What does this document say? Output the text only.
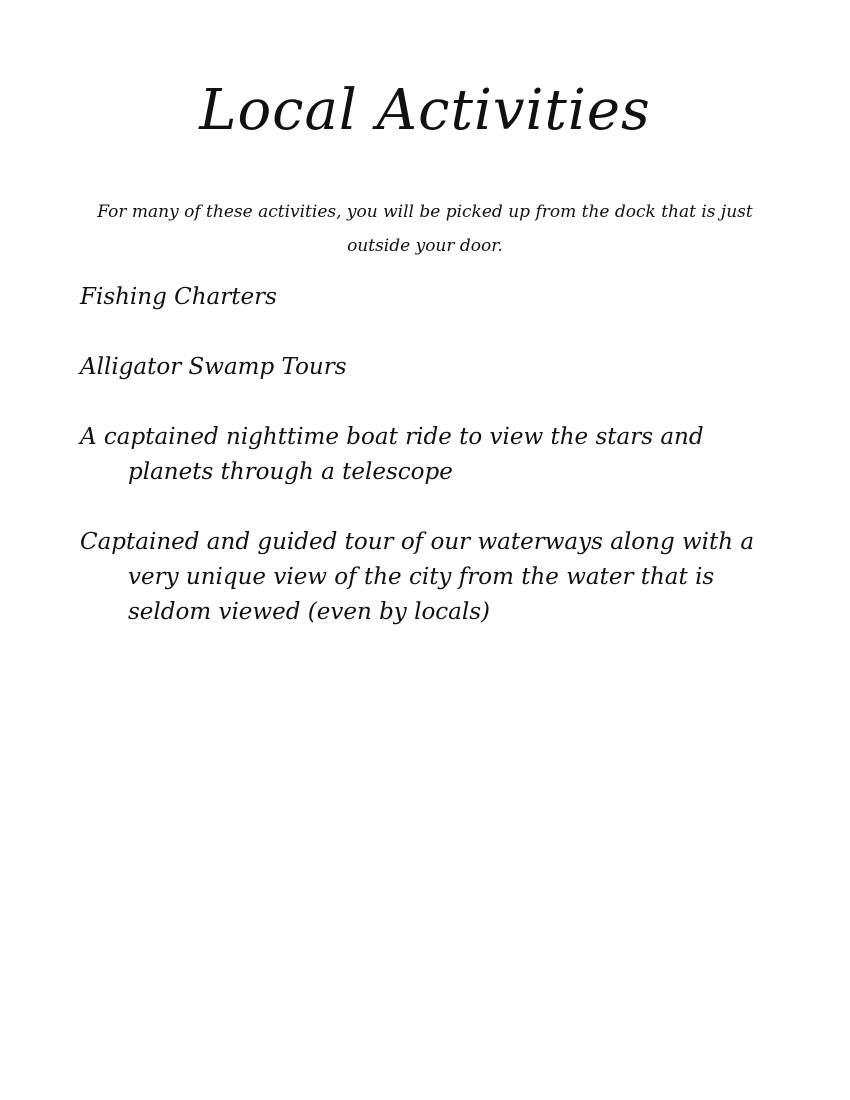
Local Activities

For many of these activities, you will be picked up from the dock that is just outside your door.

Fishing Charters
Alligator Swamp Tours
A captained nighttime boat ride to view the stars and planets through a telescope
Captained and guided tour of our waterways along with a very unique view of the city from the water that is seldom viewed (even by locals)
